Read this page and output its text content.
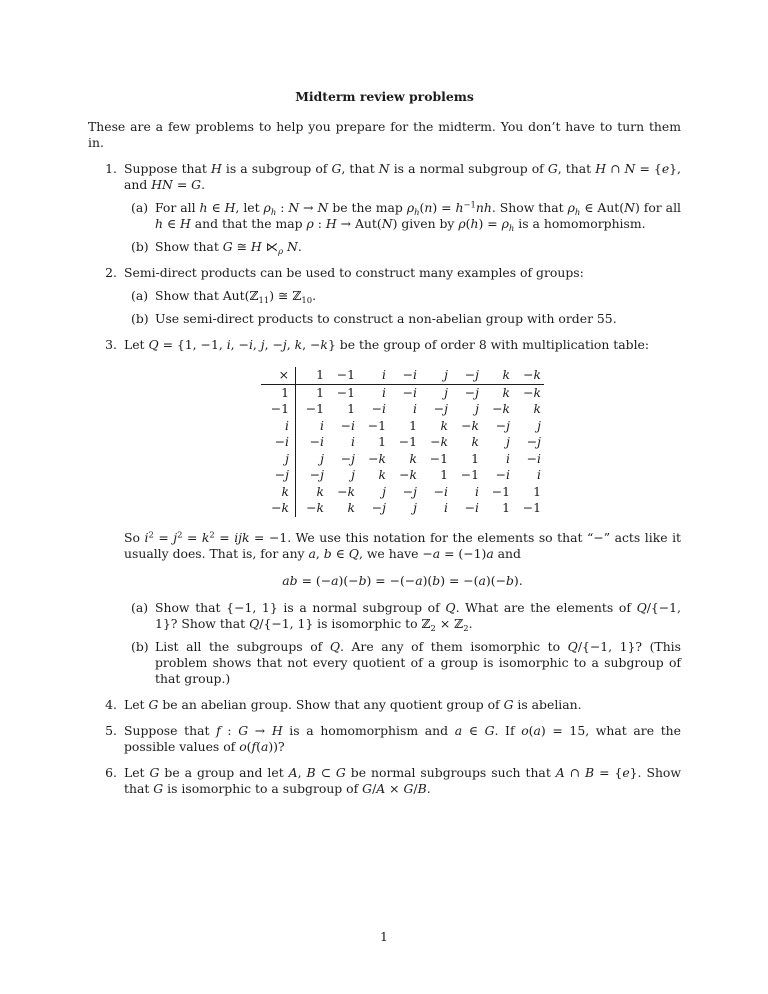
Midterm review problems
These are a few problems to help you prepare for the midterm. You don’t have to turn them in.
1. Suppose that H is a subgroup of G, that N is a normal subgroup of G, that H ∩ N = {e}, and HN = G.
(a) For all h ∈ H, let $\rho_h$ : N → N be the map $\rho_h(n) = h^{-1}nh$. Show that $\rho_h$ ∈ Aut(N) for all h ∈ H and that the map ρ : H → Aut(N) given by $\rho(h) = \rho_h$ is a homomorphism.
(b) Show that G ≅ H $⋉_\rho$ N.
2. Semi-direct products can be used to construct many examples of groups:
(a) Show that Aut(ℤ$_{11}$) ≅ ℤ$_{10}$.
(b) Use semi-direct products to construct a non-abelian group with order 55.
3. Let Q = {1, −1, i, −i, j, −j, k, −k} be the group of order 8 with multiplication table:
×	1	−1	i	−i	j	−j	k	−k
1	1	−1	i	−i	j	−j	k	−k
−1	−1	1	−i	i	−j	j	−k	k
i	i	−i	−1	1	k	−k	−j	j
−i	−i	i	1	−1	−k	k	j	−j
j	j	−j	−k	k	−1	1	i	−i
−j	−j	j	k	−k	1	−1	−i	i
k	k	−k	j	−j	−i	i	−1	1
−k	−k	k	−j	j	i	−i	1	−1
So $i^2 = j^2 = k^2$ = ijk = −1. We use this notation for the elements so that “−” acts like it usually does. That is, for any a, b ∈ Q, we have −a = (−1)a and
ab = (−a)(−b) = −(−a)(b) = −(a)(−b).
(a) Show that {−1, 1} is a normal subgroup of Q. What are the elements of Q/{−1, 1}? Show that Q/{−1, 1} is isomorphic to ℤ$_2$ × ℤ$_2$.
(b) List all the subgroups of Q. Are any of them isomorphic to Q/{−1, 1}? (This problem shows that not every quotient of a group is isomorphic to a subgroup of that group.)
4. Let G be an abelian group. Show that any quotient group of G is abelian.
5. Suppose that f : G → H is a homomorphism and a ∈ G. If o(a) = 15, what are the possible values of o(f(a))?
6. Let G be a group and let A, B ⊂ G be normal subgroups such that A ∩ B = {e}. Show that G is isomorphic to a subgroup of G/A × G/B.
1
